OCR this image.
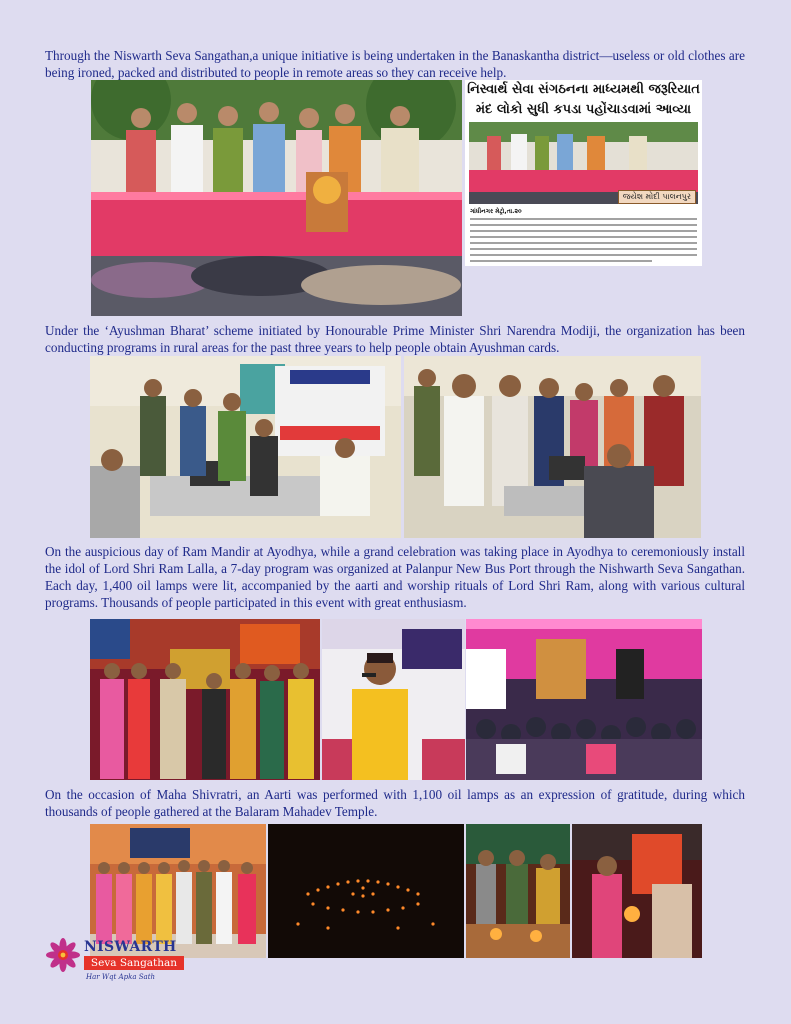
Through the Niswarth Seva Sangathan,a unique initiative is being undertaken in the Banaskantha district—useless or old clothes are being ironed, packed and distributed to people in remote areas so they can receive help.

નિસ્વાર્થ સેવા સંગઠનના માધ્યમથી જરૂરિયાત
મંદ લોકો સુધી કપડા પહોંચાડવામાં આવ્યા
જયેશ મોદી પાલનપુર
ગાંધીનગર મેટ્રો,તા.૨૦

Under the ‘Ayushman Bharat’ scheme initiated by Honourable Prime Minister Shri Narendra Modiji, the organization has been conducting programs in rural areas for the past three years to help people obtain Ayushman cards.

On the auspicious day of Ram Mandir at Ayodhya, while a grand celebration was taking place in Ayodhya to ceremoniously install the idol of Lord Shri Ram Lalla, a 7-day program was organized at Palanpur New Bus Port through the Nishwarth Seva Sangathan. Each day, 1,400 oil lamps were lit, accompanied by the aarti and worship rituals of Lord Shri Ram, along with various cultural programs. Thousands of people participated in this event with great enthusiasm.

On the occasion of Maha Shivratri, an Aarti was performed with 1,100 oil lamps as an expression of gratitude, during which thousands of people gathered at the Balaram Mahadev Temple.

NISWARTH
Seva Sangathan
Har Wqt Apka Sath
